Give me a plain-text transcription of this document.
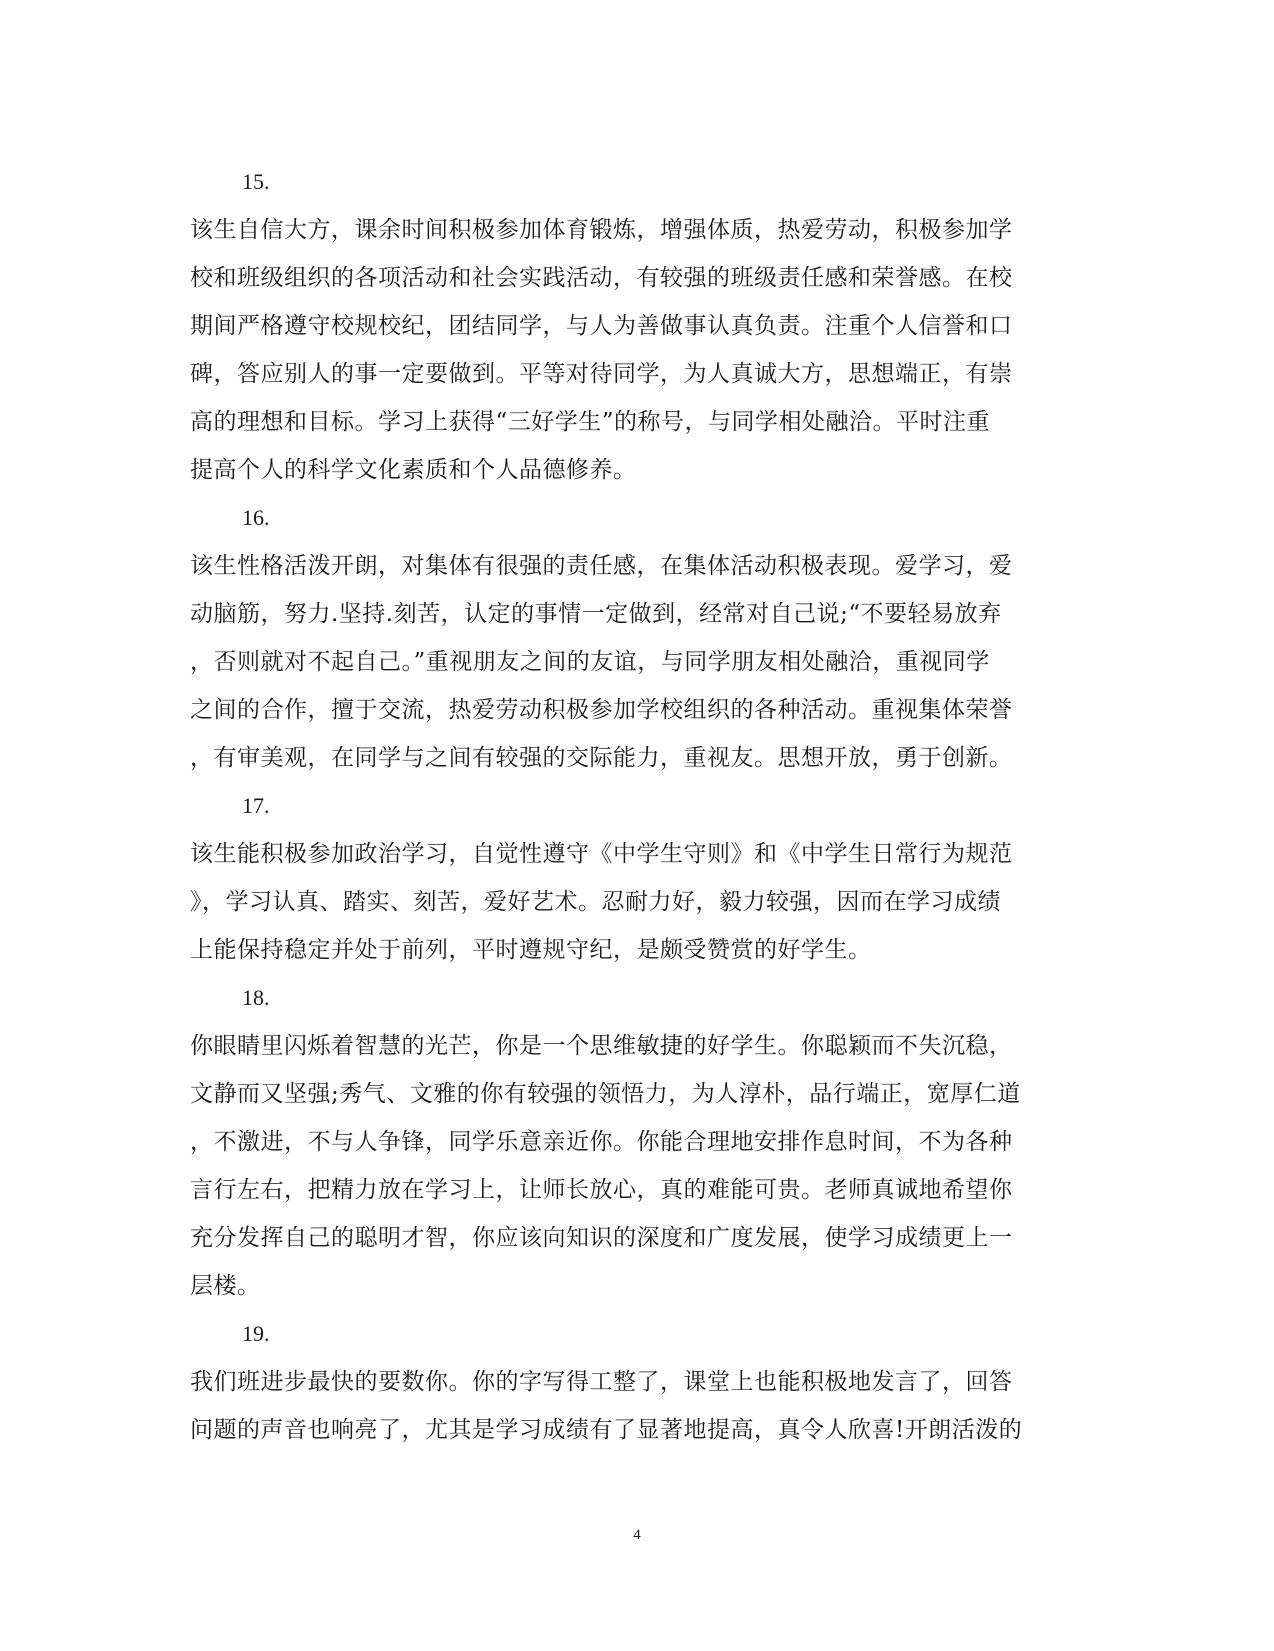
15.

该生自信大方，课余时间积极参加体育锻炼，增强体质，热爱劳动，积极参加学

校和班级组织的各项活动和社会实践活动，有较强的班级责任感和荣誉感。在校

期间严格遵守校规校纪，团结同学，与人为善做事认真负责。注重个人信誉和口

碑，答应别人的事一定要做到。平等对待同学，为人真诚大方，思想端正，有崇

高的理想和目标。学习上获得“三好学生”的称号，与同学相处融洽。平时注重

提高个人的科学文化素质和个人品德修养。

16.

该生性格活泼开朗，对集体有很强的责任感，在集体活动积极表现。爱学习，爱

动脑筋，努力.坚持.刻苦，认定的事情一定做到，经常对自己说;“不要轻易放弃

，否则就对不起自己。”重视朋友之间的友谊，与同学朋友相处融洽，重视同学

之间的合作，擅于交流，热爱劳动积极参加学校组织的各种活动。重视集体荣誉

，有审美观，在同学与之间有较强的交际能力，重视友。思想开放，勇于创新。

17.

该生能积极参加政治学习，自觉性遵守《中学生守则》和《中学生日常行为规范

》，学习认真、踏实、刻苦，爱好艺术。忍耐力好，毅力较强，因而在学习成绩

上能保持稳定并处于前列，平时遵规守纪，是颇受赞赏的好学生。

18.

你眼睛里闪烁着智慧的光芒，你是一个思维敏捷的好学生。你聪颖而不失沉稳，

文静而又坚强;秀气、文雅的你有较强的领悟力，为人淳朴，品行端正，宽厚仁道

，不激进，不与人争锋，同学乐意亲近你。你能合理地安排作息时间，不为各种

言行左右，把精力放在学习上，让师长放心，真的难能可贵。老师真诚地希望你

充分发挥自己的聪明才智，你应该向知识的深度和广度发展，使学习成绩更上一

层楼。

19.

我们班进步最快的要数你。你的字写得工整了，课堂上也能积极地发言了，回答

问题的声音也响亮了，尤其是学习成绩有了显著地提高，真令人欣喜!开朗活泼的

4
